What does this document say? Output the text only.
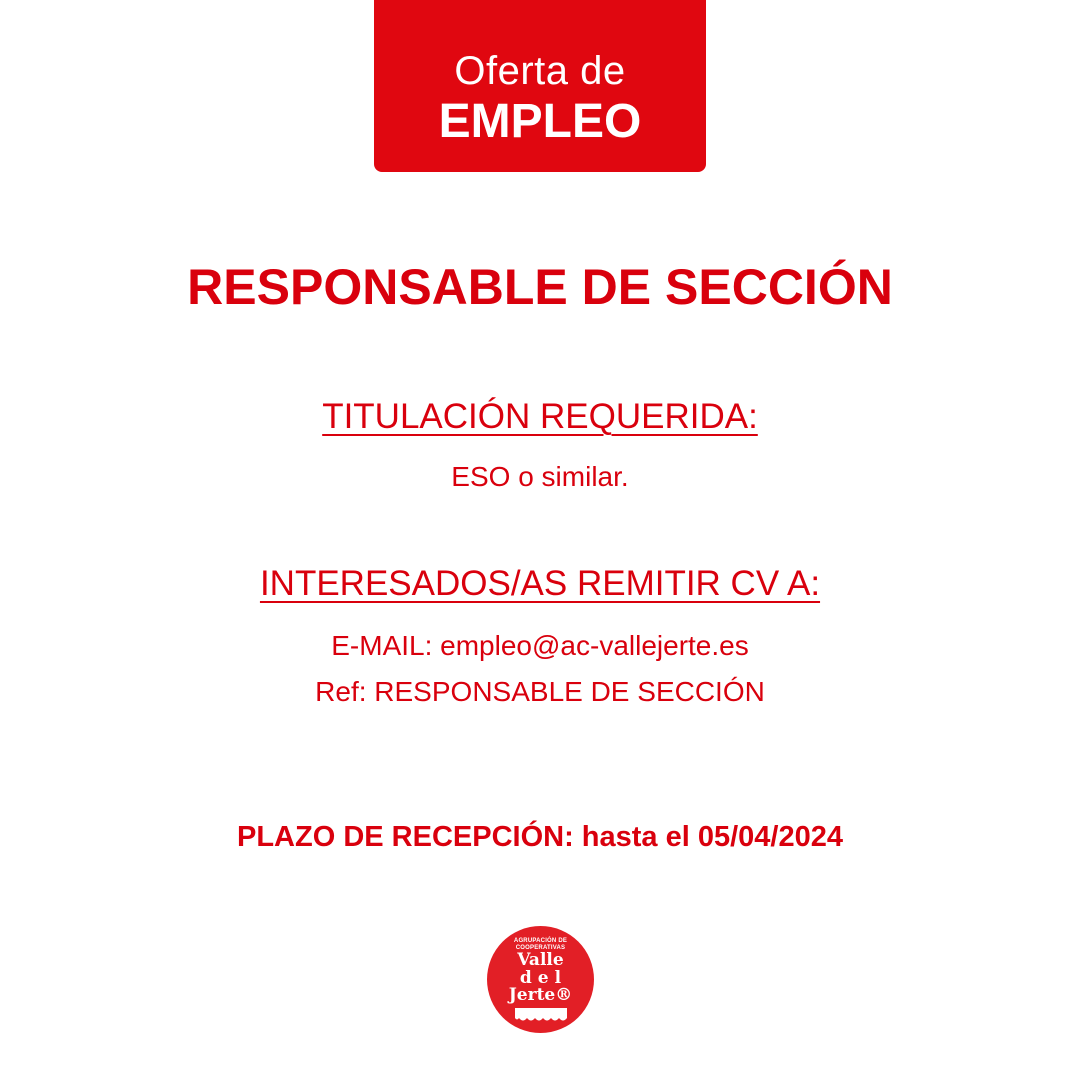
Oferta de
EMPLEO
RESPONSABLE DE SECCIÓN
TITULACIÓN REQUERIDA:
ESO o similar.
INTERESADOS/AS REMITIR CV A:
E-MAIL: empleo@ac-vallejerte.es
Ref: RESPONSABLE DE SECCIÓN
PLAZO DE RECEPCIÓN: hasta el 05/04/2024
AGRUPACIÓN DE
COOPERATIVAS
Valle
del
Jerte®
